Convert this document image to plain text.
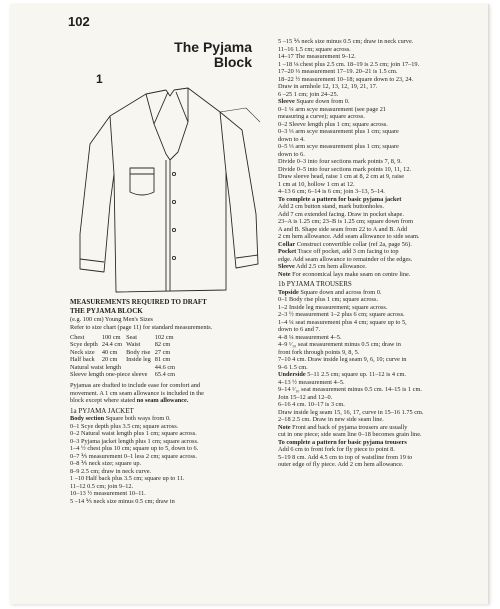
102
The Pyjama
Block
1
MEASUREMENTS REQUIRED TO DRAFT
THE PYJAMA BLOCK
(e.g. 100 cm) Young Men's Sizes
Refer to size chart (page 11) for standard measurements.
Chest	100 cm	Seat	102 cm
Scye depth	24.4 cm	Waist	82 cm
Neck size	40 cm	Body rise	27 cm
Half back	20 cm	Inside leg	81 cm
Natural waist length			44.6 cm
Sleeve length one-piece sleeve			65.4 cm
Pyjamas are drafted to include ease for comfort and
movement. A 1 cm seam allowance is included in the
block except where stated no seam allowance.
1a PYJAMA JACKET
Body section Square both ways from 0.
0–1 Scye depth plus 3.5 cm; square across.
0–2 Natural waist length plus 1 cm; square across.
0–3 Pyjama jacket length plus 1 cm; square across.
1–4 ½ chest plus 10 cm; square up to 5, down to 6.
0–7 ⅕ measurement 0–1 less 2 cm; square across.
0–8 ⅕ neck size; square up.
8–9 2.5 cm; draw in neck curve.
1 –10 Half back plus 3.5 cm; square up to 11.
11–12 0.5 cm; join 9–12.
10–13 ½ measurement 10–11.
5 –14 ⅕ neck size minus 0.5 cm; draw in
5 –15 ⅕ neck size minus 0.5 cm; draw in neck curve.
11–16 1.5 cm; square across.
14–17 The measurement 9–12.
1 –18 ⅛ chest plus 2.5 cm. 18–19 is 2.5 cm; join 17–19.
17–20 ⅓ measurement 17–19. 20–21 is 1.5 cm.
18–22 ½ measurement 10–18; square down to 23, 24.
Draw in armhole 12, 13, 12, 19, 21, 17.
6 –25 1 cm; join 24–25.
Sleeve Square down from 0.
0–1 ¼ arm scye measurement (see page 21
measuring a curve); square across.
0–2 Sleeve length plus 1 cm; square across.
0–3 ⅓ arm scye measurement plus 1 cm; square
down to 4.
0–5 ⅓ arm scye measurement plus 1 cm; square
down to 6.
Divide 0–3 into four sections mark points 7, 8, 9.
Divide 0–5 into four sections mark points 10, 11, 12.
Draw sleeve head, raise 1 cm at 8, 2 cm at 9, raise
1 cm at 10, hollow 1 cm at 12.
4–13 6 cm; 6–14 is 6 cm; join 3–13, 5–14.
To complete a pattern for basic pyjama jacket
Add 2 cm button stand, mark buttonholes.
Add 7 cm extended facing. Draw in pocket shape.
23–A is 1.25 cm; 23–B is 1.25 cm; square down from
A and B. Shape side seam from 22 to A and B. Add
2 cm hem allowance. Add seam allowance to side seam.
Collar Construct convertible collar (ref 2a, page 56).
Pocket Trace off pocket, add 3 cm facing to top
edge. Add seam allowance to remainder of the edges.
Sleeve Add 2.5 cm hem allowance.
Note For economical lays make seam on centre line.
1b PYJAMA TROUSERS
Topside Square down and across from 0.
0–1 Body rise plus 1 cm; square across.
1–2 Inside leg measurement; square across.
2–3 ½ measurement 1–2 plus 6 cm; square across.
1–4 ¼ seat measurement plus 4 cm; square up to 5,
down to 6 and 7.
4–8 ¼ measurement 4–5.
4–9 ¹⁄₁₀ seat measurement minus 0.5 cm; draw in
front fork through points 9, 8, 5.
7–10 4 cm. Draw inside leg seam 9, 6, 10; curve in
9–6 1.5 cm.
Underside 5–11 2.5 cm; square up. 11–12 is 4 cm.
4–13 ½ measurement 4–5.
9–14 ¹⁄₁₀ seat measurement minus 0.5 cm. 14–15 is 1 cm.
Join 15–12 and 12–0.
6–16 4 cm. 10–17 is 3 cm.
Draw inside leg seam 15, 16, 17, curve in 15–16 1.75 cm.
2–18 2.5 cm. Draw in new side seam line.
Note Front and back of pyjama trousers are usually
cut in one piece; side seam line 0–18 becomes grain line.
To complete a pattern for basic pyjama trousers
Add 6 cm to front fork for fly piece to point 8.
5–19 8 cm. Add 4.5 cm to top of waistline from 19 to
outer edge of fly piece. Add 2 cm hem allowance.
